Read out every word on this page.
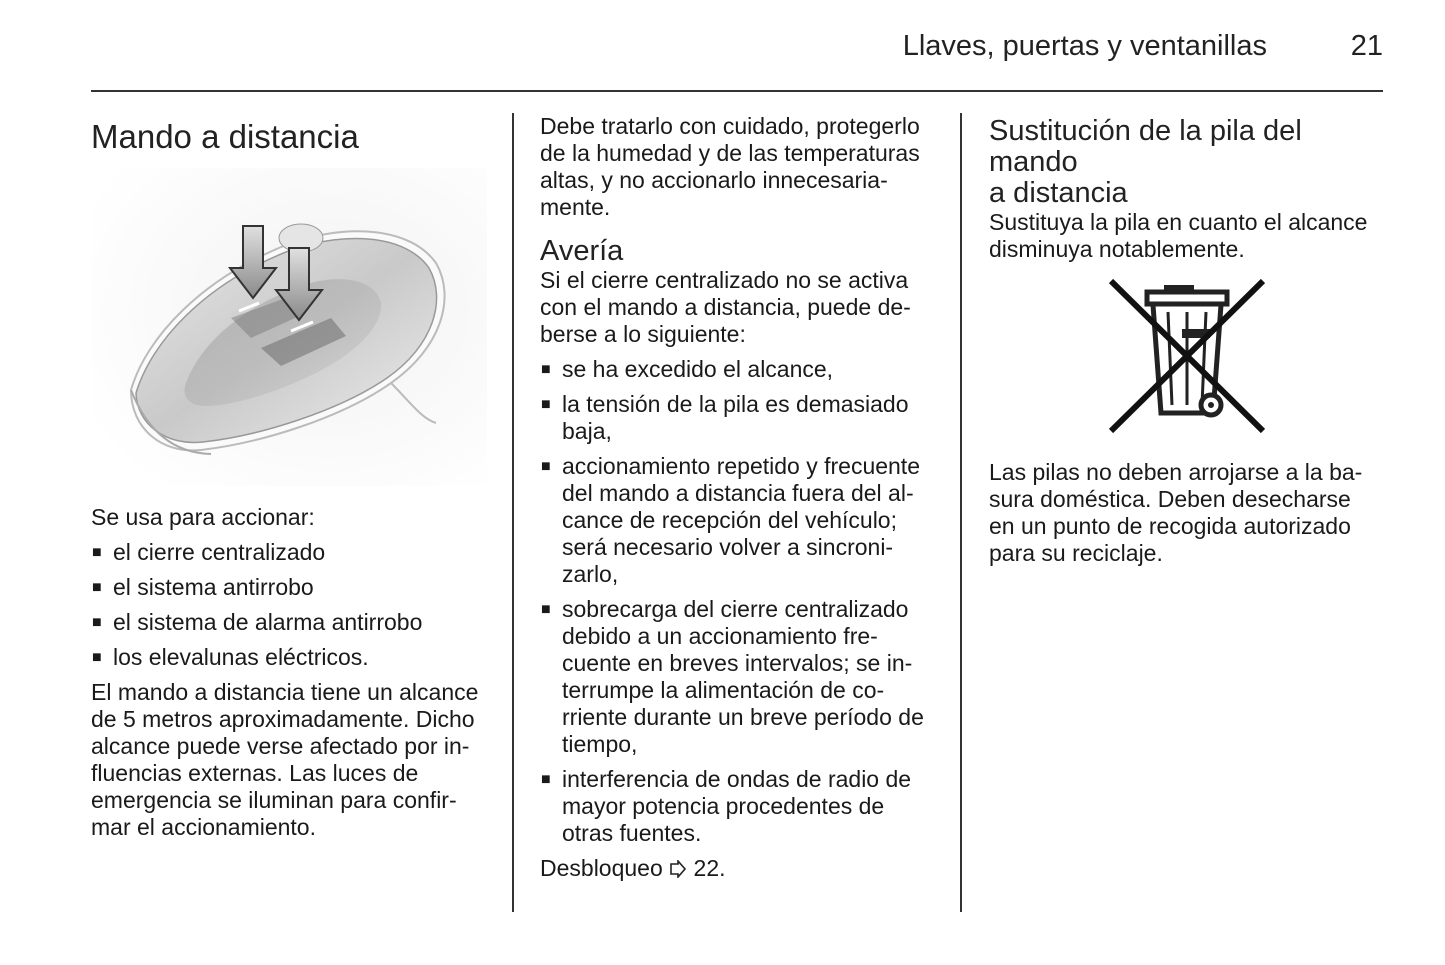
Llaves, puertas y ventanillas	21
Mando a distancia

Se usa para accionar:

■ el cierre centralizado
■ el sistema antirrobo
■ el sistema de alarma antirrobo
■ los elevalunas eléctricos.

El mando a distancia tiene un alcance
de 5 metros aproximadamente. Dicho
alcance puede verse afectado por in-
fluencias externas. Las luces de
emergencia se iluminan para confir-
mar el accionamiento.

Debe tratarlo con cuidado, protegerlo
de la humedad y de las temperaturas
altas, y no accionarlo innecesaria-
mente.

Avería

Si el cierre centralizado no se activa
con el mando a distancia, puede de-
berse a lo siguiente:

■ se ha excedido el alcance,
■ la tensión de la pila es demasiado
baja,
■ accionamiento repetido y frecuente
del mando a distancia fuera del al-
cance de recepción del vehículo;
será necesario volver a sincroni-
zarlo,
■ sobrecarga del cierre centralizado
debido a un accionamiento fre-
cuente en breves intervalos; se in-
terrumpe la alimentación de co-
rriente durante un breve período de
tiempo,
■ interferencia de ondas de radio de
mayor potencia procedentes de
otras fuentes.

Desbloqueo 22.

Sustitución de la pila del mando
a distancia

Sustituya la pila en cuanto el alcance
disminuya notablemente.

Las pilas no deben arrojarse a la ba-
sura doméstica. Deben desecharse
en un punto de recogida autorizado
para su reciclaje.
